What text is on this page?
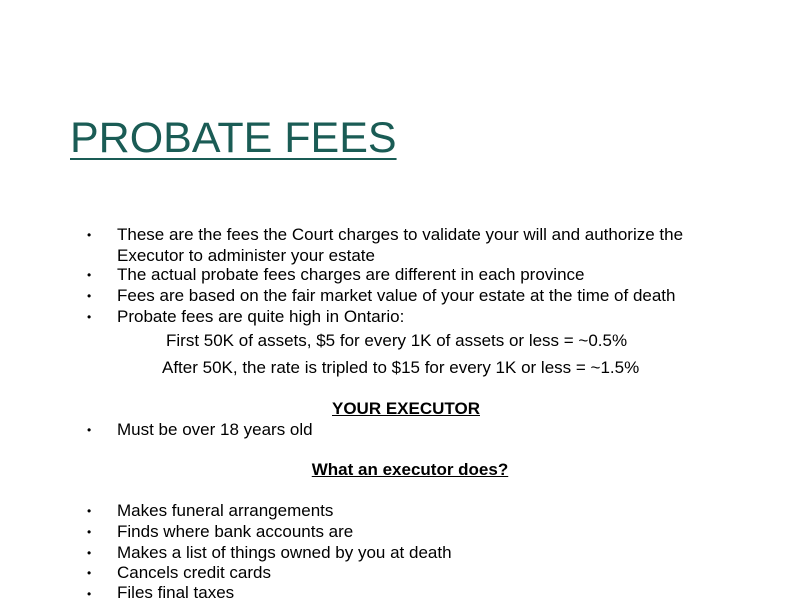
PROBATE FEES
• These are the fees the Court charges to validate your will and authorize the
Executor to administer your estate
• The actual probate fees charges are different in each province
• Fees are based on the fair market value of your estate at the time of death
• Probate fees are quite high in Ontario:
First 50K of assets, $5 for every 1K of assets or less = ~0.5%
After 50K, the rate is tripled to $15 for every 1K or less = ~1.5%
YOUR EXECUTOR
• Must be over 18 years old
What an executor does?
• Makes funeral arrangements
• Finds where bank accounts are
• Makes a list of things owned by you at death
• Cancels credit cards
• Files final taxes
